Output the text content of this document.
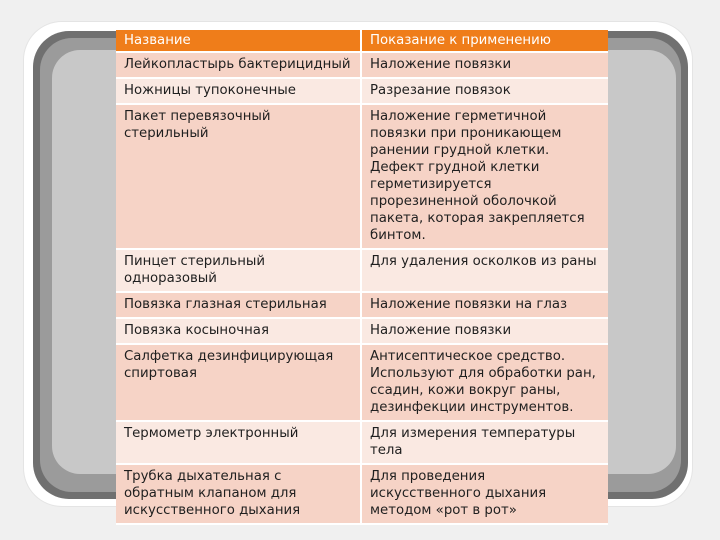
Название	Показание к применению
Лейкопластырь бактерицидный	Наложение повязки
Ножницы тупоконечные	Разрезание повязок
Пакет перевязочный стерильный	Наложение герметичной повязки при проникающем ранении грудной клетки. Дефект грудной клетки герметизируется прорезиненной оболочкой пакета, которая закрепляется бинтом.
Пинцет стерильный одноразовый	Для удаления осколков из раны
Повязка глазная стерильная	Наложение повязки на глаз
Повязка косыночная	Наложение повязки
Салфетка дезинфицирующая спиртовая	Антисептическое средство. Используют для обработки ран, ссадин, кожи вокруг раны, дезинфекции инструментов.
Термометр электронный	Для измерения температуры тела
Трубка дыхательная с обратным клапаном для искусственного дыхания	Для проведения искусственного дыхания методом «рот в рот»
